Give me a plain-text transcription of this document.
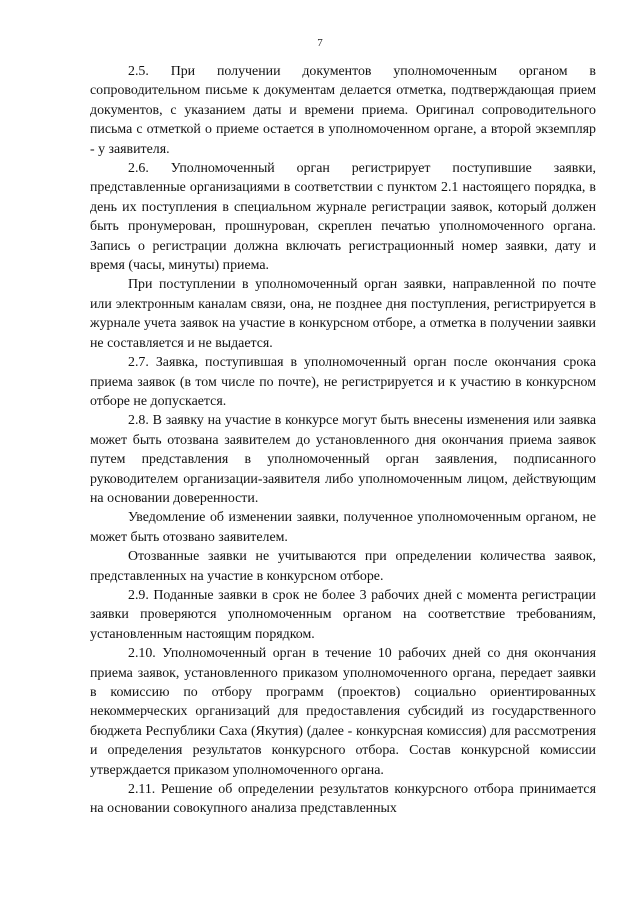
7

2.5. При получении документов уполномоченным органом в сопроводительном письме к документам делается отметка, подтверждающая прием документов, с указанием даты и времени приема. Оригинал сопроводительного письма с отметкой о приеме остается в уполномоченном органе, а второй экземпляр - у заявителя.

2.6. Уполномоченный орган регистрирует поступившие заявки, представленные организациями в соответствии с пунктом 2.1 настоящего порядка, в день их поступления в специальном журнале регистрации заявок, который должен быть пронумерован, прошнурован, скреплен печатью уполномоченного органа. Запись о регистрации должна включать регистрационный номер заявки, дату и время (часы, минуты) приема.

При поступлении в уполномоченный орган заявки, направленной по почте или электронным каналам связи, она, не позднее дня поступления, регистрируется в журнале учета заявок на участие в конкурсном отборе, а отметка в получении заявки не составляется и не выдается.

2.7. Заявка, поступившая в уполномоченный орган после окончания срока приема заявок (в том числе по почте), не регистрируется и к участию в конкурсном отборе не допускается.

2.8. В заявку на участие в конкурсе могут быть внесены изменения или заявка может быть отозвана заявителем до установленного дня окончания приема заявок путем представления в уполномоченный орган заявления, подписанного руководителем организации-заявителя либо уполномоченным лицом, действующим на основании доверенности.

Уведомление об изменении заявки, полученное уполномоченным органом, не может быть отозвано заявителем.

Отозванные заявки не учитываются при определении количества заявок, представленных на участие в конкурсном отборе.

2.9. Поданные заявки в срок не более 3 рабочих дней с момента регистрации заявки проверяются уполномоченным органом на соответствие требованиям, установленным настоящим порядком.

2.10. Уполномоченный орган в течение 10 рабочих дней со дня окончания приема заявок, установленного приказом уполномоченного органа, передает заявки в комиссию по отбору программ (проектов) социально ориентированных некоммерческих организаций для предоставления субсидий из государственного бюджета Республики Саха (Якутия) (далее - конкурсная комиссия) для рассмотрения и определения результатов конкурсного отбора. Состав конкурсной комиссии утверждается приказом уполномоченного органа.

2.11. Решение об определении результатов конкурсного отбора принимается на основании совокупного анализа представленных
